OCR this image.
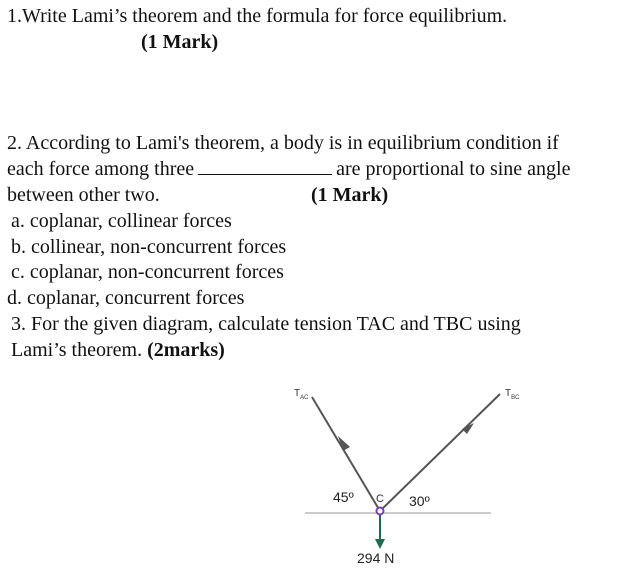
1.Write Lami’s theorem and the formula for force equilibrium.
(1 Mark)
2. According to Lami's theorem, a body is in equilibrium condition if
each force among three	are proportional to sine angle
between other two.	(1 Mark)
a. coplanar, collinear forces
b. collinear, non-concurrent forces
c. coplanar, non-concurrent forces
d. coplanar, concurrent forces
3. For the given diagram, calculate tension TAC and TBC using
Lami’s theorem. (2marks)
$T_{AC}$	$T_{BC}$
45º	30º
C
294 N
